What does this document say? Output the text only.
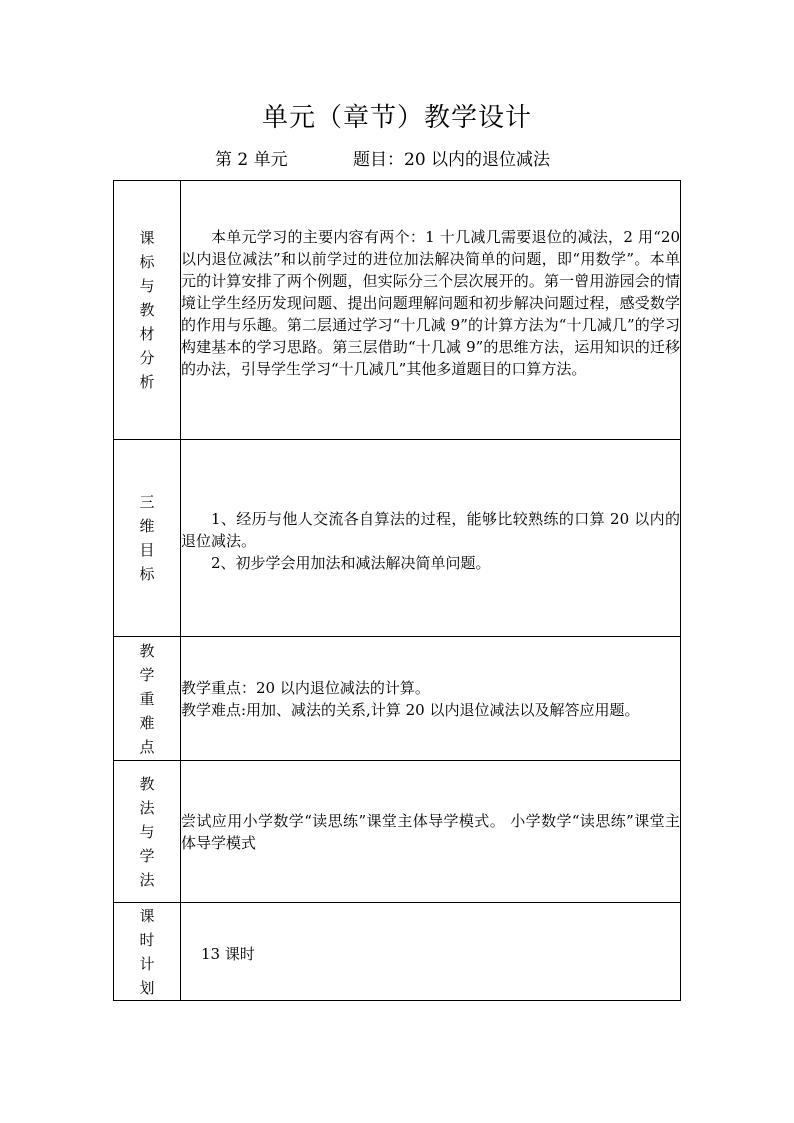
单元（章节）教学设计
第 2 单元	题目：20 以内的退位减法
课标与教材分析	本单元学习的主要内容有两个：1 十几减几需要退位的减法，2 用“20 以内退位减法”和以前学过的进位加法解决简单的问题，即“用数学”。本单元的计算安排了两个例题，但实际分三个层次展开的。第一曾用游园会的情境让学生经历发现问题、提出问题理解问题和初步解决问题过程，感受数学的作用与乐趣。第二层通过学习“十几减 9”的计算方法为“十几减几”的学习构建基本的学习思路。第三层借助“十几减 9”的思维方法，运用知识的迁移的办法，引导学生学习“十几减几”其他多道题目的口算方法。

三维目标	1、经历与他人交流各自算法的过程，能够比较熟练的口算 20 以内的退位减法。

2、初步学会用加法和减法解决简单问题。

教学重难点	教学重点：20 以内退位减法的计算。

教学难点:用加、减法的关系,计算 20 以内退位减法以及解答应用题。

教法与学法	尝试应用小学数学“读思练”课堂主体导学模式。 小学数学“读思练”课堂主体导学模式

课时计划	13 课时
